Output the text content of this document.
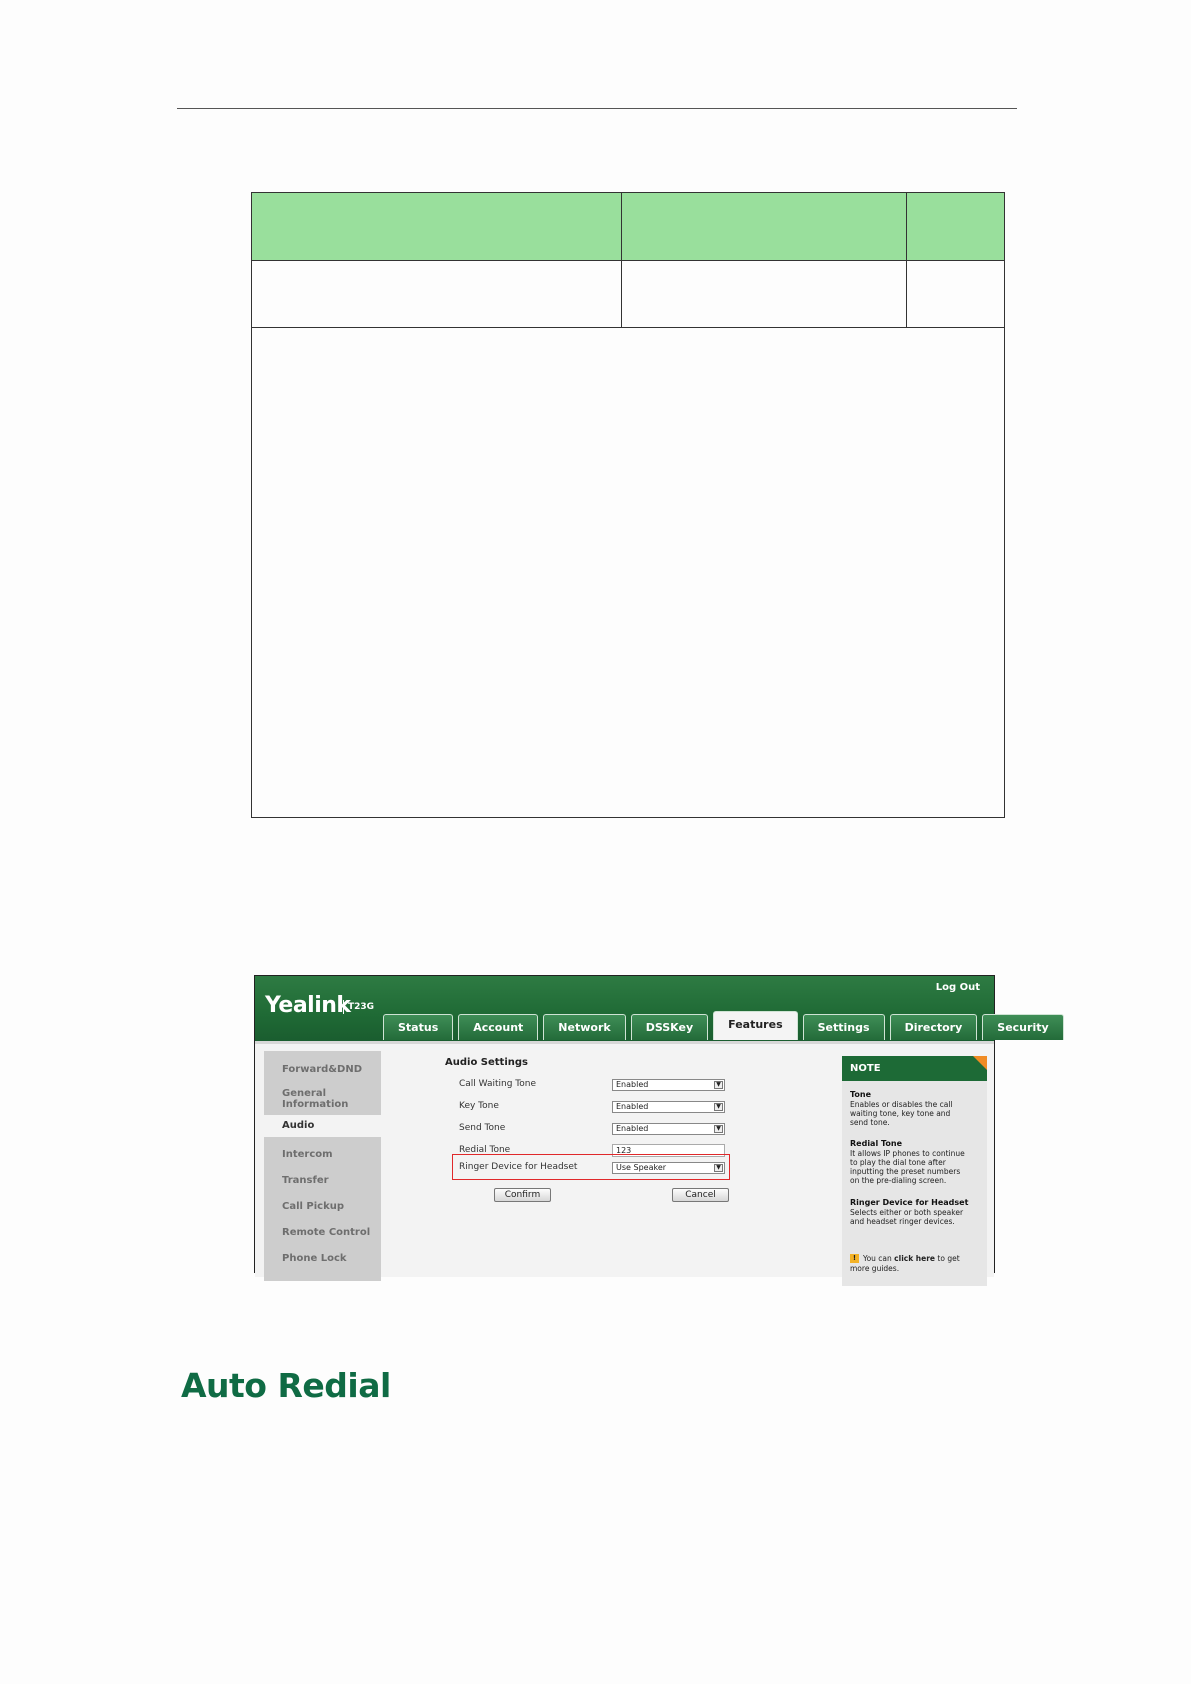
Yealink
T23G
Log Out
Status	Account	Network	DSSKey	Features	Settings	Directory	Security
Forward&DND
General Information
Audio
Intercom
Transfer
Call Pickup
Remote Control
Phone Lock
Audio Settings
Call Waiting Tone	Enabled	▼
Key Tone	Enabled	▼
Send Tone	Enabled	▼
Redial Tone	123
Ringer Device for Headset	Use Speaker	▼
Confirm	Cancel
NOTE
Tone
Enables or disables the call
waiting tone, key tone and
send tone.
Redial Tone
It allows IP phones to continue
to play the dial tone after
inputting the preset numbers
on the pre-dialing screen.
Ringer Device for Headset
Selects either or both speaker
and headset ringer devices.
You can click here to get more guides.
!
Auto Redial
